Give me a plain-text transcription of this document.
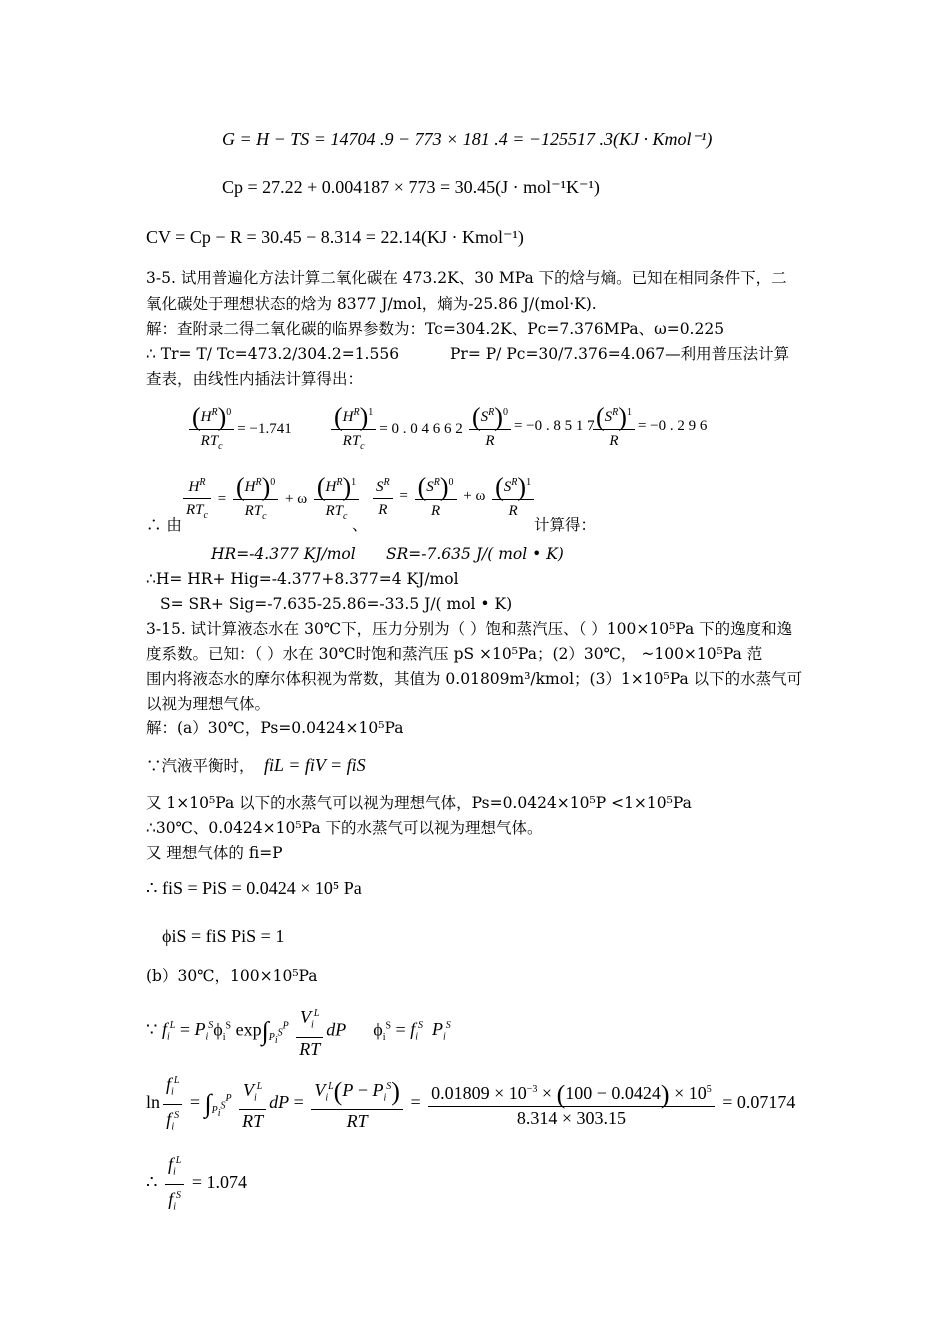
G = H − TS = 14704 .9 − 773 × 181 .4 = −125517 .3(KJ · Kmol⁻¹)
Cp = 27.22 + 0.004187 × 773 = 30.45(J · mol⁻¹K⁻¹)
CV = Cp − R = 30.45 − 8.314 = 22.14(KJ · Kmol⁻¹)
3-5. 试用普遍化方法计算二氧化碳在 473.2K、30 MPa 下的焓与熵。已知在相同条件下，二
氧化碳处于理想状态的焓为 8377 J/mol，熵为-25.86 J/(mol·K).
解：查附录二得二氧化碳的临界参数为：Tc=304.2K、Pc=7.376MPa、ω=0.225
∴ Tr= T/ Tc=473.2/304.2=1.556	Pr= P/ Pc=30/7.376=4.067—利用普压法计算
查表，由线性内插法计算得出：
$\frac{(H^R)^0}{RT_c} = -1.741 \frac{(H^R)^1}{RT_c} = 0$ . 0 4 6 6 $2 \frac{(S^R)^0}{R} = -0$ . 8 5 1 7
$\frac{(S^R)^1}{R} = -0$ . 2 9 6
∴ 由 $\frac{H^R}{RT_c} = \frac{(H^R)^0}{RT_c} + \omega \frac{(H^R)^1}{RT_c}$
、
$\frac{S^R}{R} = \frac{(S^R)^0}{R} + \omega \frac{(S^R)^1}{R}$
计算得：
HR=-4.377 KJ/mol SR=-7.635 J/( mol • K)
∴H= HR+ Hig=-4.377+8.377=4 KJ/mol
S= SR+ Sig=-7.635-25.86=-33.5 J/( mol • K)
3-15. 试计算液态水在 30℃下，压力分别为（ ）饱和蒸汽压、（ ）100×10⁵Pa 下的逸度和逸
度系数。已知：（ ）水在 30℃时饱和蒸汽压 pS ×10⁵Pa；(2）30℃， ~100×10⁵Pa 范
围内将液态水的摩尔体积视为常数，其值为 0.01809m³/kmol；(3）1×10⁵Pa 以下的水蒸气可
以视为理想气体。
解：(a）30℃，Ps=0.0424×10⁵Pa
∵汽液平衡时， fiL = fiV = fiS
又 1×10⁵Pa 以下的水蒸气可以视为理想气体，Ps=0.0424×10⁵P <1×10⁵Pa
∴30℃、0.0424×10⁵Pa 下的水蒸气可以视为理想气体。
又 理想气体的 fi=P
∴ fiS = PiS = 0.0424 × 10⁵ Pa
ϕiS = fiS PiS = 1
(b）30℃，100×10⁵Pa
∵ $f_i^L = P_i^S\phi_i^S$ $\exp\int_{P_i^S}^P \frac{V_i^L}{RT}$ dP      $\phi_i^S = f_i^S$ $P_i^S$
$\ln \frac{f_i^L}{f_i^S} = \int_{P_i^S}^P \frac{V_i^L}{RT}$ dP = $\frac{V_i^L(P - P_i^S)}{RT} = \frac{0.01809 \times 10^{-3} \times (100 - 0.0424) \times 10^5}{8.314 \times 303.15} = 0.07174$
∴ $\frac{f_i^L}{f_i^S} = 1.074$
